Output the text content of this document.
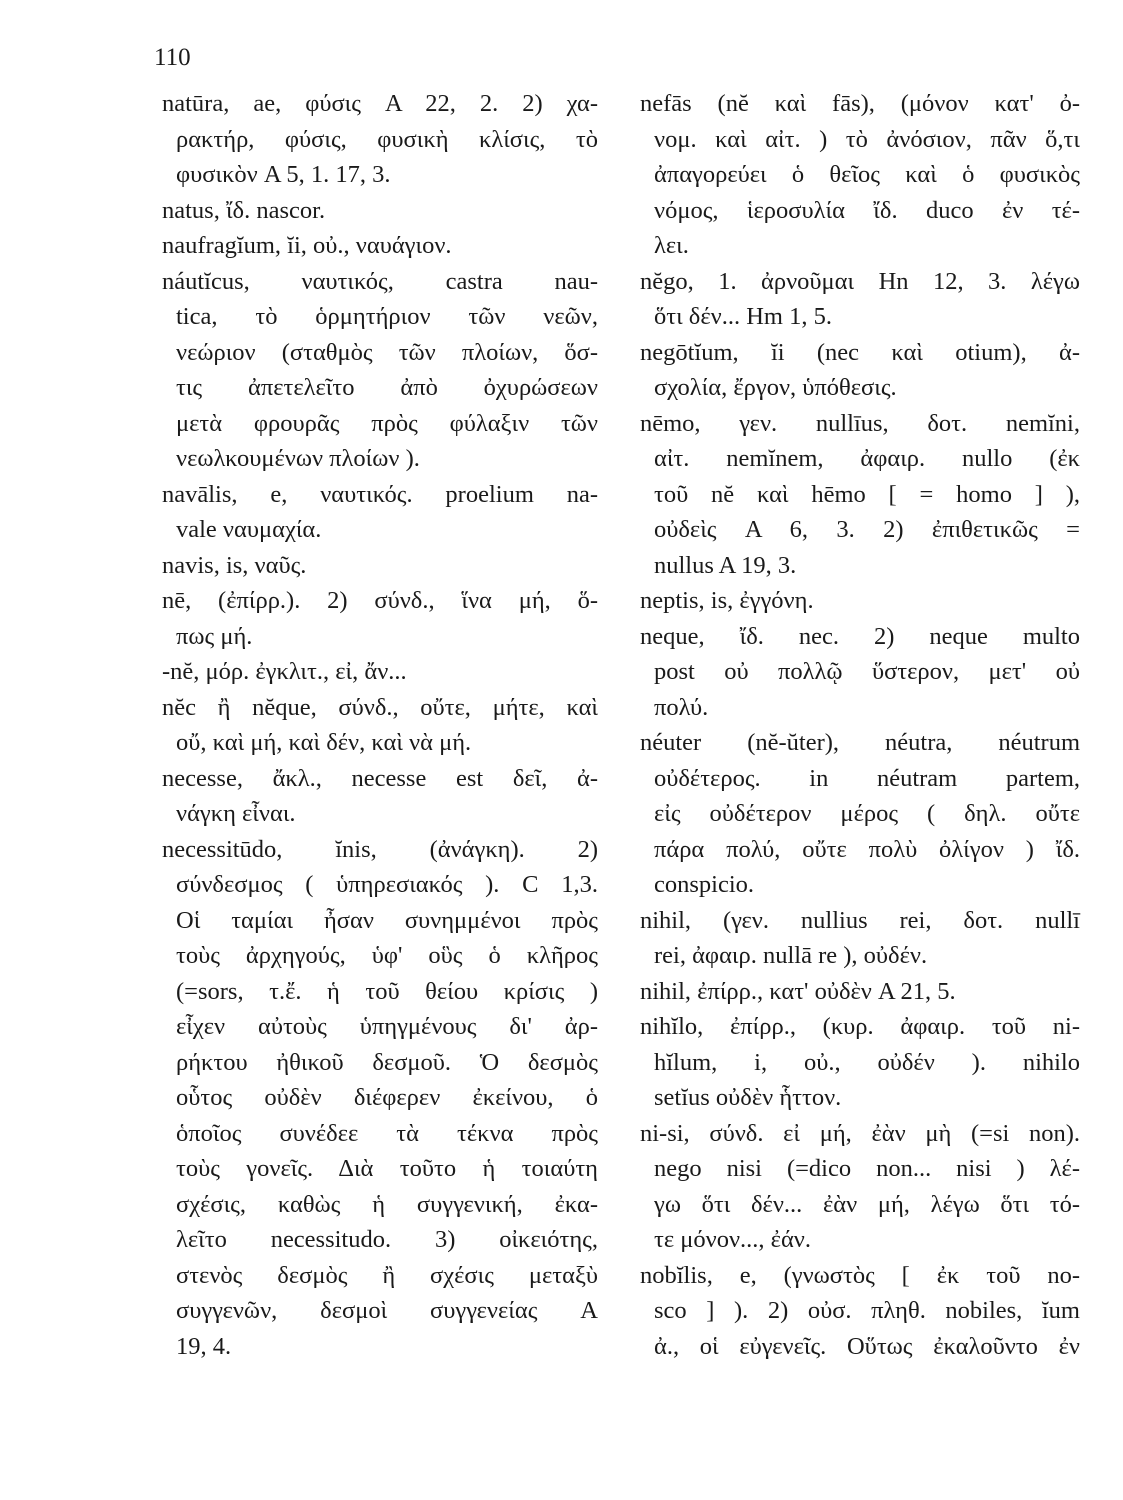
110
natūra, ae, φύσις A 22, 2. 2) χα-
ρακτήρ, φύσις, φυσικὴ κλίσις, τὸ
φυσικὸν A 5, 1. 17, 3.
natus, ἴδ. nascor.
naufragĭum, ĭi, οὐ., ναυάγιον.
náutĭcus, ναυτικός, castra nau-
tica, τὸ ὁρμητήριον τῶν νεῶν,
νεώριον (σταθμὸς τῶν πλοίων, ὅσ-
τις ἀπετελεῖτο ἀπὸ ὀχυρώσεων
μετὰ φρουρᾶς πρὸς φύλαξιν τῶν
νεωλκουμένων πλοίων ).
navālis, e, ναυτικός. proelium na-
vale ναυμαχία.
navis, is, ναῦς.
nē, (ἐπίρρ.). 2) σύνδ., ἵνα μή, ὅ-
πως μή.
-nĕ, μόρ. ἐγκλιτ., εἰ, ἄν...
nĕc ἢ nĕque, σύνδ., οὔτε, μήτε, καὶ
οὔ, καὶ μή, καὶ δέν, καὶ νὰ μή.
necesse, ἄκλ., necesse est δεῖ, ἀ-
νάγκη εἶναι.
necessitūdo, ĭnis, (ἀνάγκη). 2)
σύνδεσμος ( ὑπηρεσιακός ). C 1,3.
Οἱ ταμίαι ἦσαν συνημμένοι πρὸς
τοὺς ἀρχηγούς, ὑφ' οὓς ὁ κλῆρος
(=sors, τ.ἔ. ἡ τοῦ θείου κρίσις )
εἶχεν αὐτοὺς ὑπηγμένους δι' ἀρ-
ρήκτου ἠθικοῦ δεσμοῦ. Ὁ δεσμὸς
οὗτος οὐδὲν διέφερεν ἐκείνου, ὁ
ὁποῖος συνέδεε τὰ τέκνα πρὸς
τοὺς γονεῖς. Διὰ τοῦτο ἡ τοιαύτη
σχέσις, καθὼς ἡ συγγενική, ἐκα-
λεῖτο necessitudo. 3) οἰκειότης,
στενὸς δεσμὸς ἢ σχέσις μεταξὺ
συγγενῶν, δεσμοὶ συγγενείας A
19, 4.
nefās (nĕ καὶ fās), (μόνον κατ' ὀ-
νομ. καὶ αἰτ. ) τὸ ἀνόσιον, πᾶν ὅ,τι
ἀπαγορεύει ὁ θεῖος καὶ ὁ φυσικὸς
νόμος, ἱεροσυλία ἴδ. duco ἐν τέ-
λει.
nĕgo, 1. ἀρνοῦμαι Hn 12, 3. λέγω
ὅτι δέν... Hm 1, 5.
negōtĭum, ĭi (nec καὶ otium), ἀ-
σχολία, ἔργον, ὑπόθεσις.
nēmo, γεν. nullīus, δοτ. nemĭni,
αἰτ. nemĭnem, ἀφαιρ. nullo (ἐκ
τοῦ nĕ καὶ hēmo [ = homo ] ),
οὐδεὶς A 6, 3. 2) ἐπιθετικῶς =
nullus A 19, 3.
neptis, is, ἐγγόνη.
neque, ἴδ. nec. 2) neque multo
post οὐ πολλῷ ὕστερον, μετ' οὐ
πολύ.
néuter (nĕ-ŭter), néutra, néutrum
οὐδέτερος. in néutram partem,
εἰς οὐδέτερον μέρος ( δηλ. οὔτε
πάρα πολύ, οὔτε πολὺ ὀλίγον ) ἴδ.
conspicio.
nihil, (γεν. nullius rei, δοτ. nullī
rei, ἀφαιρ. nullā re ), οὐδέν.
nihil, ἐπίρρ., κατ' οὐδὲν A 21, 5.
nihĭlo, ἐπίρρ., (κυρ. ἀφαιρ. τοῦ ni-
hĭlum, i, οὐ., οὐδέν ). nihilo
setĭus οὐδὲν ἧττον.
ni-si, σύνδ. εἰ μή, ἐὰν μὴ (=si non).
nego nisi (=dico non... nisi ) λέ-
γω ὅτι δέν... ἐὰν μή, λέγω ὅτι τό-
τε μόνον..., ἐάν.
nobĭlis, e, (γνωστὸς [ ἐκ τοῦ no-
sco ] ). 2) οὐσ. πληθ. nobiles, ĭum
ἀ., οἱ εὐγενεῖς. Οὕτως ἐκαλοῦντο ἐν
